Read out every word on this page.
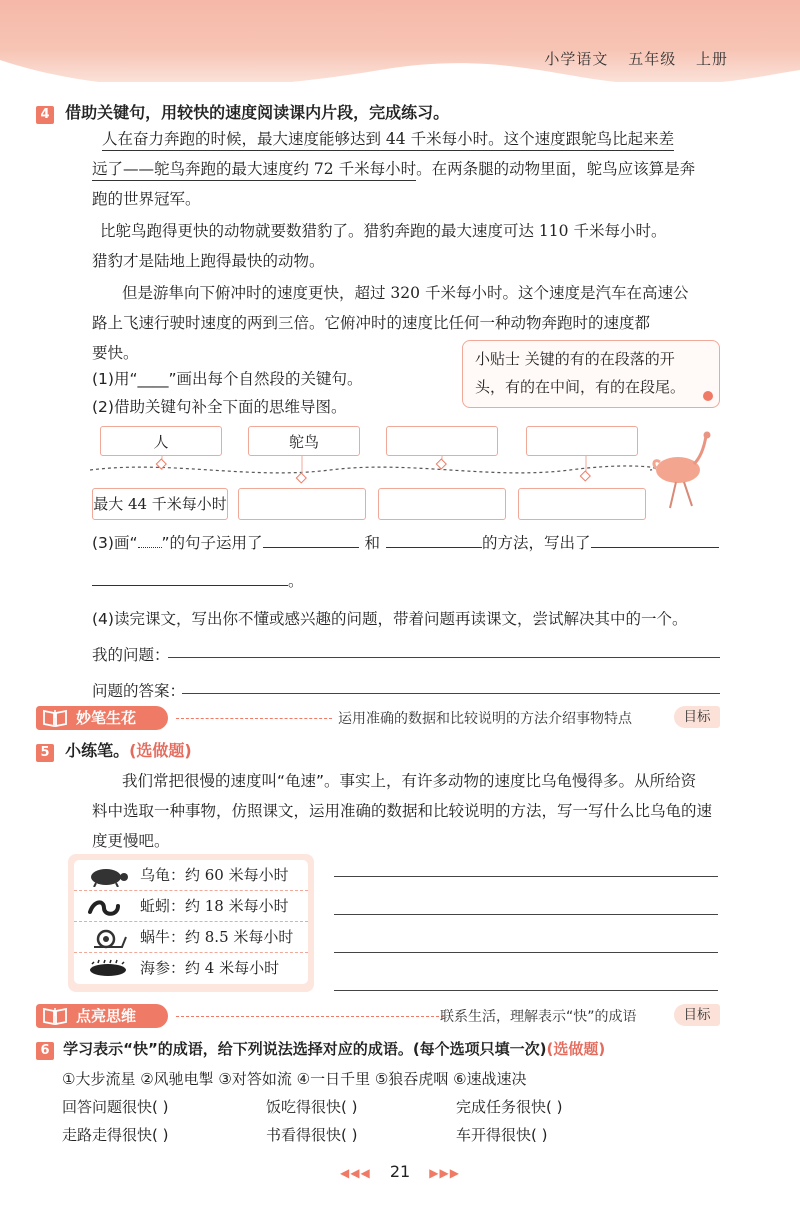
小学语文 五年级 上册
4 借助关键句，用较快的速度阅读课内片段，完成练习。
人在奋力奔跑的时候，最大速度能够达到 44 千米每小时。这个速度跟鸵鸟比起来差
远了——鸵鸟奔跑的最大速度约 72 千米每小时。在两条腿的动物里面，鸵鸟应该算是奔
跑的世界冠军。
比鸵鸟跑得更快的动物就要数猎豹了。猎豹奔跑的最大速度可达 110 千米每小时。
猎豹才是陆地上跑得最快的动物。
但是游隼向下俯冲时的速度更快，超过 320 千米每小时。这个速度是汽车在高速公
路上飞速行驶时速度的两到三倍。它俯冲时的速度比任何一种动物奔跑时的速度都
要快。
(1)用“____”画出每个自然段的关键句。
(2)借助关键句补全下面的思维导图。
小贴士 关键的有的在段落的开
头，有的在中间，有的在段尾。
人	鸵鸟
最大 44 千米每小时
(3)画“ ”的句子运用了	和	的方法，写出了
。
(4)读完课文，写出你不懂或感兴趣的问题，带着问题再读课文，尝试解决其中的一个。
我的问题：
问题的答案：
妙笔生花	运用准确的数据和比较说明的方法介绍事物特点	目标
5 小练笔。(选做题)
我们常把很慢的速度叫“龟速”。事实上，有许多动物的速度比乌龟慢得多。从所给资
料中选取一种事物，仿照课文，运用准确的数据和比较说明的方法，写一写什么比乌龟的速
度更慢吧。
乌龟：约 60 米每小时
蚯蚓：约 18 米每小时
蜗牛：约 8.5 米每小时
海参：约 4 米每小时
点亮思维	联系生活，理解表示“快”的成语	目标
6 学习表示“快”的成语，给下列说法选择对应的成语。(每个选项只填一次)(选做题)
①大步流星 ②风驰电掣 ③对答如流 ④一日千里 ⑤狼吞虎咽 ⑥速战速决
回答问题很快( )	饭吃得很快( )	完成任务很快( )
走路走得很快( )	书看得很快( )	车开得很快( )
◀◀◀ 21 ▶▶▶
